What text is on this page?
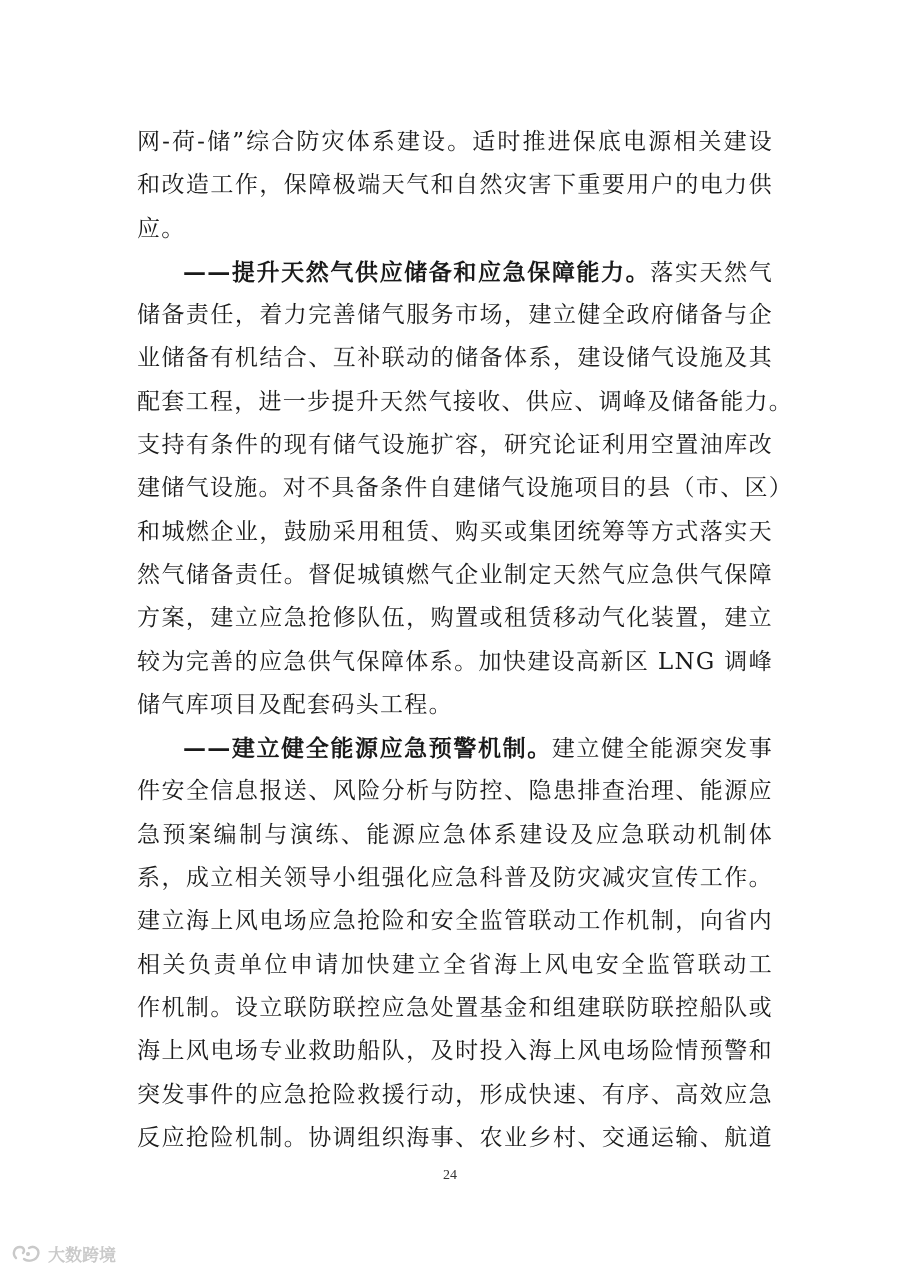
网-荷-储”综合防灾体系建设。适时推进保底电源相关建设
和改造工作，保障极端天气和自然灾害下重要用户的电力供
应。
——提升天然气供应储备和应急保障能力。落实天然气
储备责任，着力完善储气服务市场，建立健全政府储备与企
业储备有机结合、互补联动的储备体系，建设储气设施及其
配套工程，进一步提升天然气接收、供应、调峰及储备能力。
支持有条件的现有储气设施扩容，研究论证利用空置油库改
建储气设施。对不具备条件自建储气设施项目的县（市、区）
和城燃企业，鼓励采用租赁、购买或集团统筹等方式落实天
然气储备责任。督促城镇燃气企业制定天然气应急供气保障
方案，建立应急抢修队伍，购置或租赁移动气化装置，建立
较为完善的应急供气保障体系。加快建设高新区 LNG 调峰
储气库项目及配套码头工程。
——建立健全能源应急预警机制。建立健全能源突发事
件安全信息报送、风险分析与防控、隐患排查治理、能源应
急预案编制与演练、能源应急体系建设及应急联动机制体
系，成立相关领导小组强化应急科普及防灾减灾宣传工作。
建立海上风电场应急抢险和安全监管联动工作机制，向省内
相关负责单位申请加快建立全省海上风电安全监管联动工
作机制。设立联防联控应急处置基金和组建联防联控船队或
海上风电场专业救助船队，及时投入海上风电场险情预警和
突发事件的应急抢险救援行动，形成快速、有序、高效应急
反应抢险机制。协调组织海事、农业乡村、交通运输、航道
24
大数跨境
